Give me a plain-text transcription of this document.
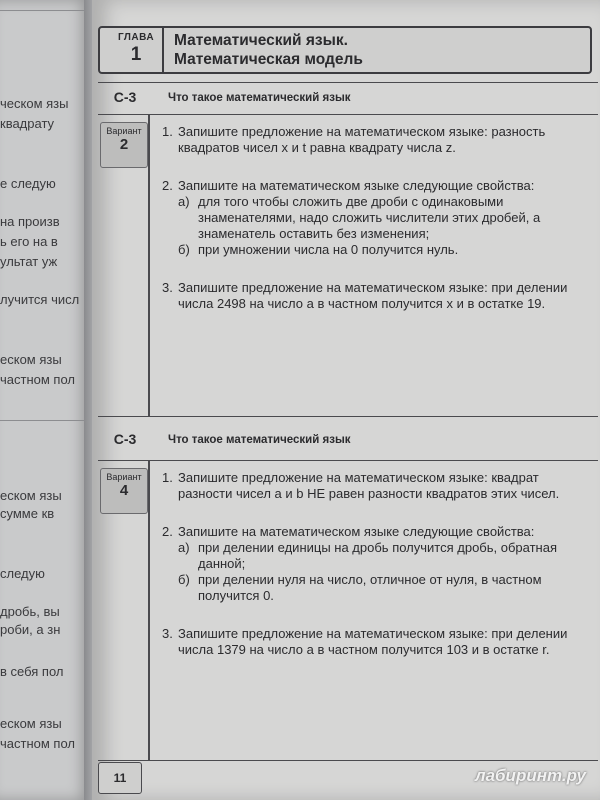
ческом язы
квадрату
е следую
на произв
ь его на в
ультат уж
лучится числ
еском язы
частном пол
еском язы
сумме кв
следую
дробь, вы
роби, а зн
в себя пол
еском язы
частном пол
ГЛАВА
1
Математический язык.
Математическая модель
С-3	Что такое математический язык
Вариант
2
1. Запишите предложение на математическом языке: разность квадратов чисел x и t равна квадрату числа z.
2. Запишите на математическом языке следующие свойства:
а) для того чтобы сложить две дроби с одинаковыми знаменателями, надо сложить числители этих дробей, а знаменатель оставить без изменения;
б) при умножении числа на 0 получится нуль.
3. Запишите предложение на математическом языке: при делении числа 2498 на число a в частном получится x и в остатке 19.
С-3	Что такое математический язык
Вариант
4
1. Запишите предложение на математическом языке: квадрат разности чисел a и b НЕ равен разности квадратов этих чисел.
2. Запишите на математическом языке следующие свойства:
а) при делении единицы на дробь получится дробь, обратная данной;
б) при делении нуля на число, отличное от нуля, в частном получится 0.
3. Запишите предложение на математическом языке: при делении числа 1379 на число a в частном получится 103 и в остатке r.
11	лабиринт.ру
